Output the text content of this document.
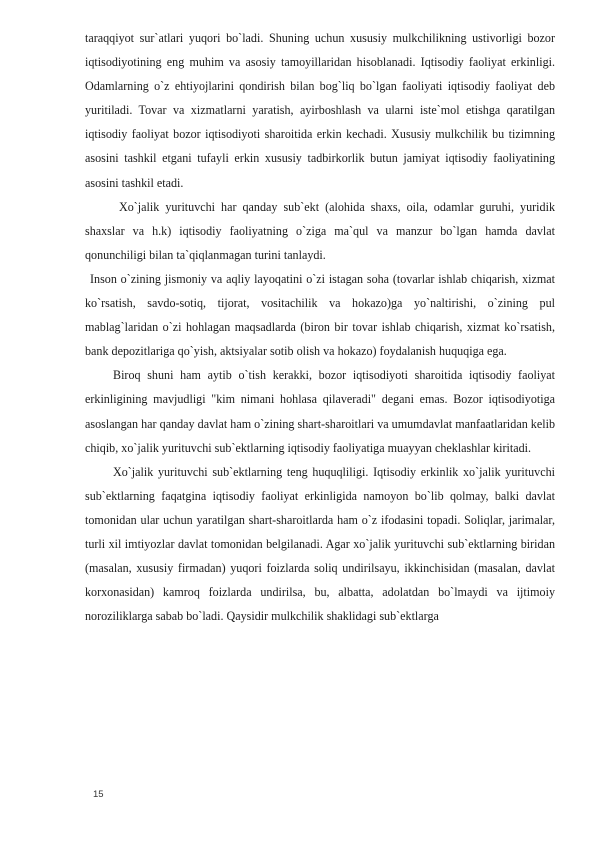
taraqqiyot sur`atlari yuqori bo`ladi. Shuning uchun xususiy mulkchilikning ustivorligi bozor iqtisodiyotining eng muhim va asosiy tamoyillaridan hisoblanadi. Iqtisodiy faoliyat erkinligi. Odamlarning o`z ehtiyojlarini qondirish bilan bog`liq bo`lgan faoliyati iqtisodiy faoliyat deb yuritiladi. Tovar va xizmatlarni yaratish, ayirboshlash va ularni iste`mol etishga qaratilgan iqtisodiy faoliyat bozor iqtisodiyoti sharoitida erkin kechadi. Xususiy mulkchilik bu tizimning asosini tashkil etgani tufayli erkin xususiy tadbirkorlik butun jamiyat iqtisodiy faoliyatining asosini tashkil etadi.

Xo`jalik yurituvchi har qanday sub`ekt (alohida shaxs, oila, odamlar guruhi, yuridik shaxslar va h.k) iqtisodiy faoliyatning o`ziga ma`qul va manzur bo`lgan hamda davlat qonunchiligi bilan ta`qiqlanmagan turini tanlaydi.

Inson o`zining jismoniy va aqliy layoqatini o`zi istagan soha (tovarlar ishlab chiqarish, xizmat ko`rsatish, savdo-sotiq, tijorat, vositachilik va hokazo)ga yo`naltirishi, o`zining pul mablag`laridan o`zi hohlagan maqsadlarda (biron bir tovar ishlab chiqarish, xizmat ko`rsatish, bank depozitlariga qo`yish, aktsiyalar sotib olish va hokazo) foydalanish huquqiga ega.

Biroq shuni ham aytib o`tish kerakki, bozor iqtisodiyoti sharoitida iqtisodiy faoliyat erkinligining mavjudligi "kim nimani hohlasa qilaveradi" degani emas. Bozor iqtisodiyotiga asoslangan har qanday davlat ham o`zining shart-sharoitlari va umumdavlat manfaatlaridan kelib chiqib, xo`jalik yurituvchi sub`ektlarning iqtisodiy faoliyatiga muayyan cheklashlar kiritadi.

Xo`jalik yurituvchi sub`ektlarning teng huquqliligi. Iqtisodiy erkinlik xo`jalik yurituvchi sub`ektlarning faqatgina iqtisodiy faoliyat erkinligida namoyon bo`lib qolmay, balki davlat tomonidan ular uchun yaratilgan shart-sharoitlarda ham o`z ifodasini topadi. Soliqlar, jarimalar, turli xil imtiyozlar davlat tomonidan belgilanadi. Agar xo`jalik yurituvchi sub`ektlarning biridan (masalan, xususiy firmadan) yuqori foizlarda soliq undirilsayu, ikkinchisidan (masalan, davlat korxonasidan) kamroq foizlarda undirilsa, bu, albatta, adolatdan bo`lmaydi va ijtimoiy noroziliklarga sabab bo`ladi. Qaysidir mulkchilik shaklidagi sub`ektlarga

15
